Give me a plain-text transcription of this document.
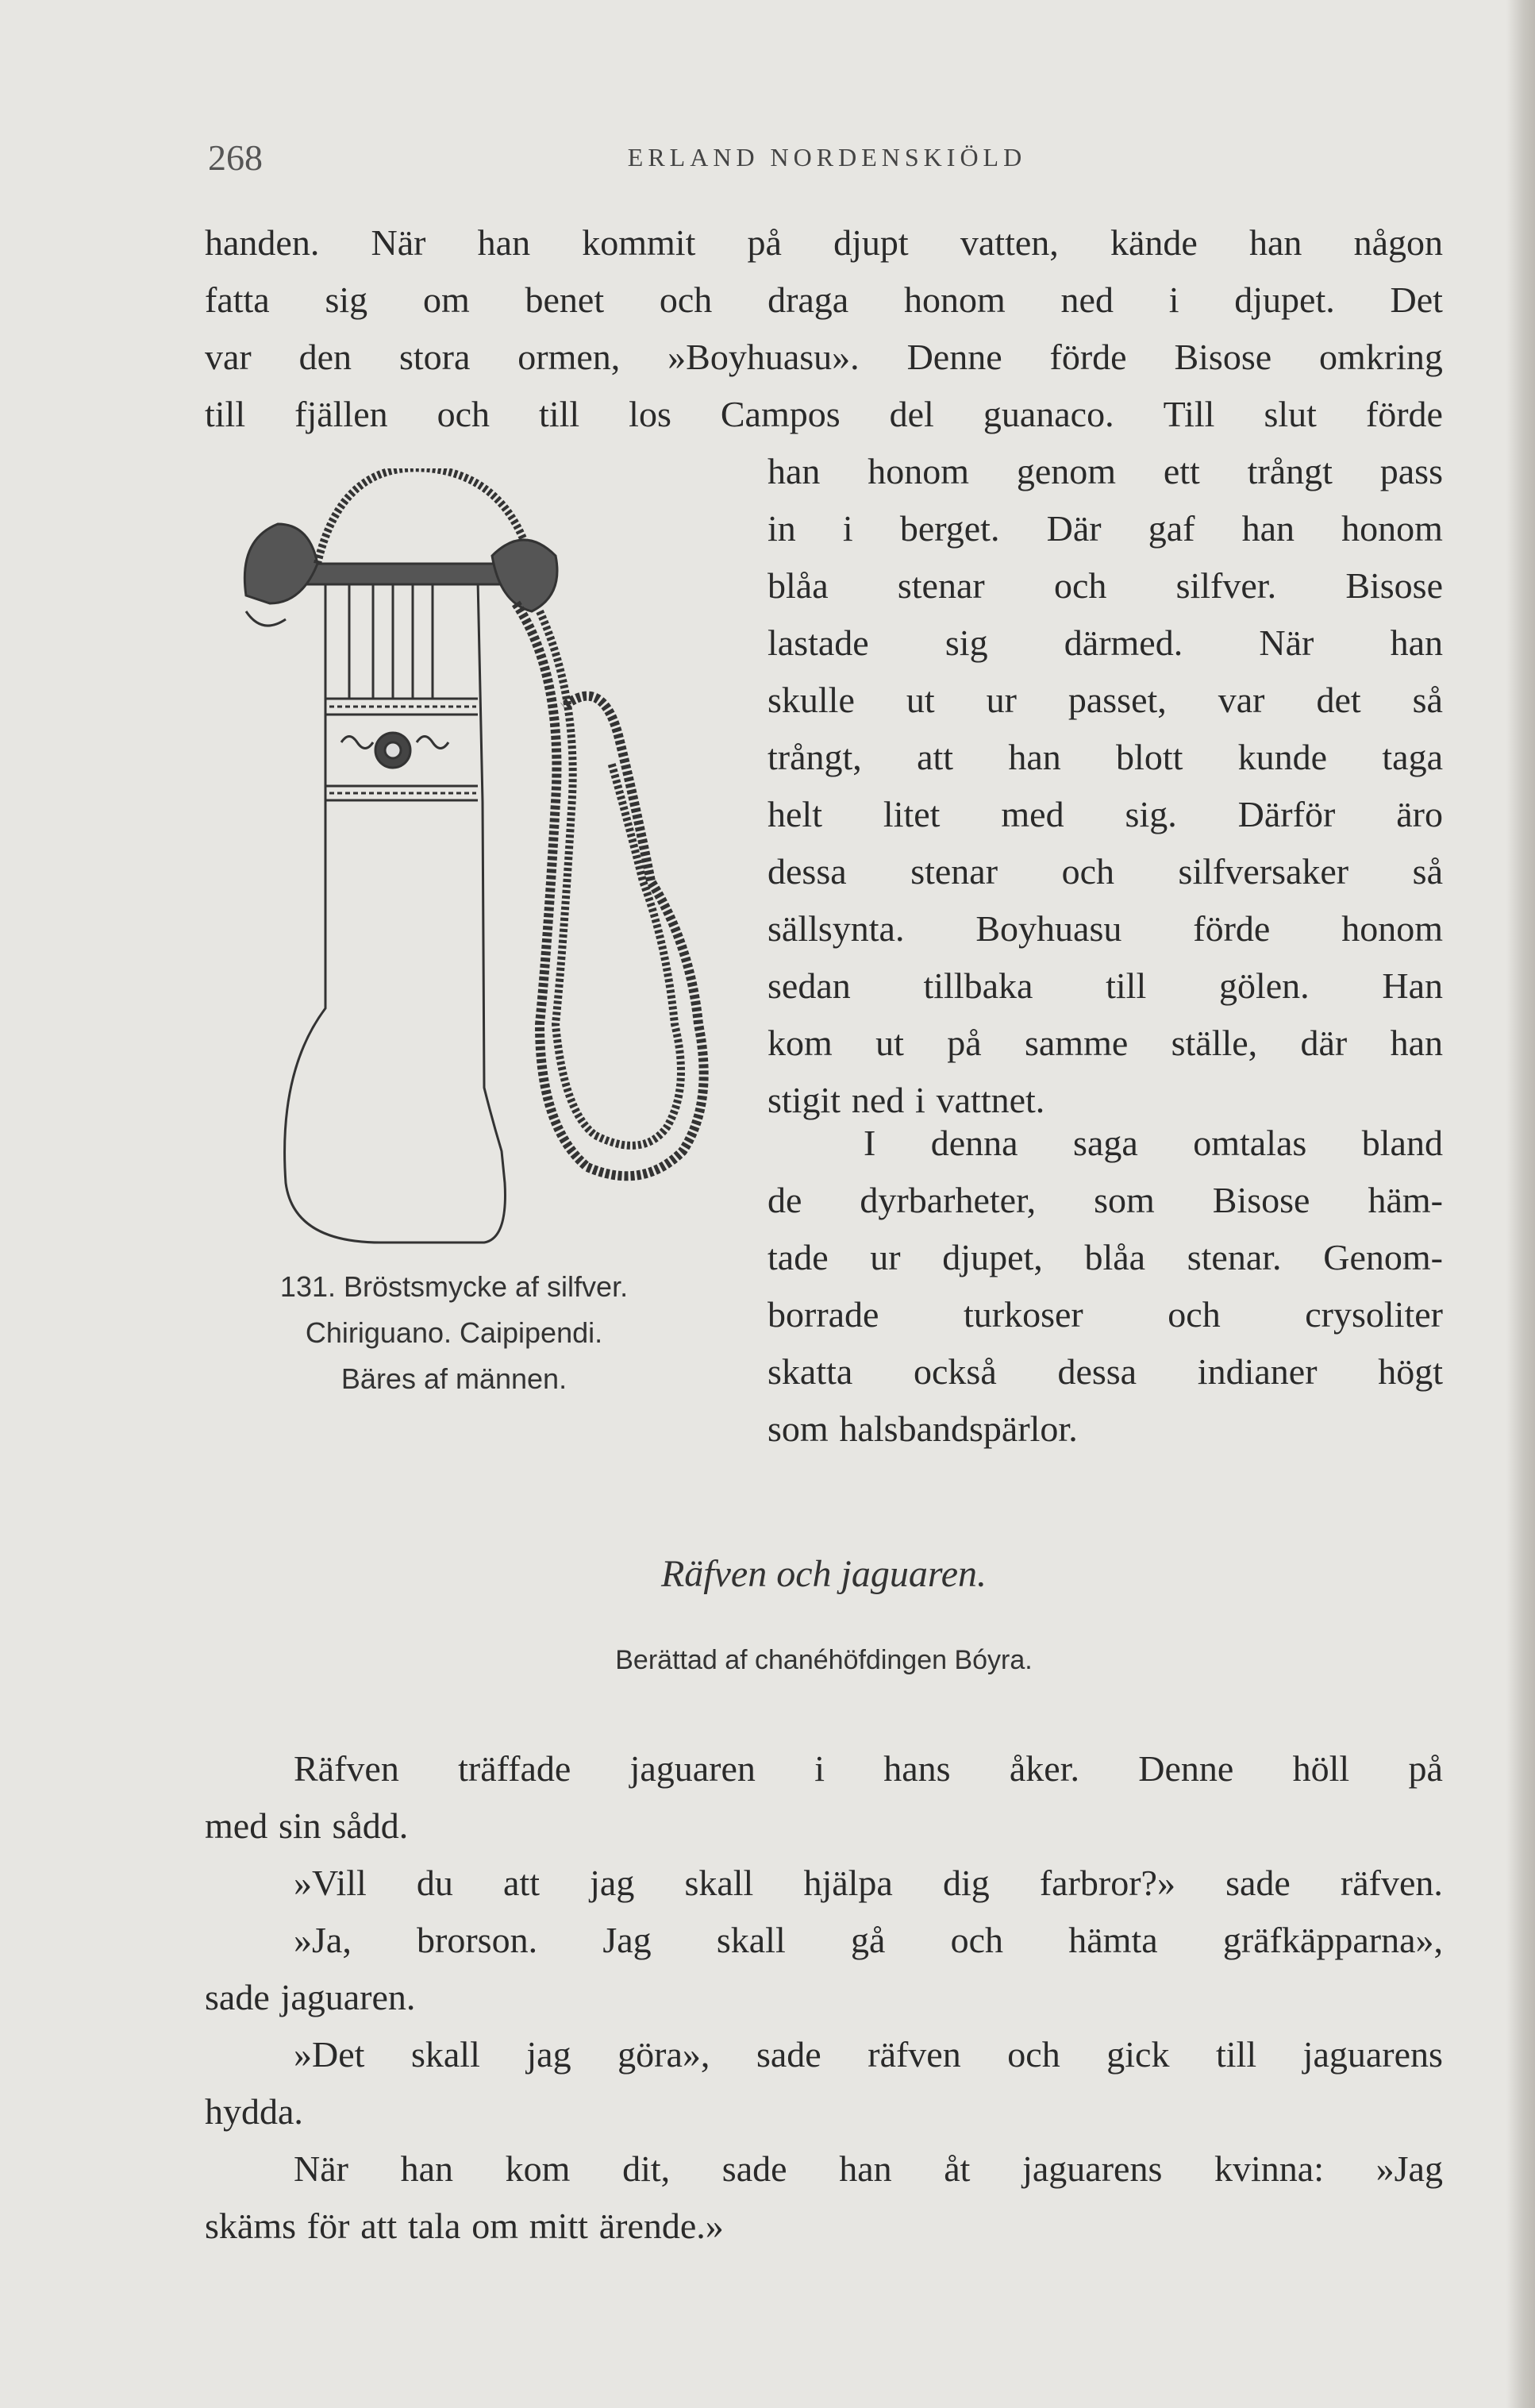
268	ERLAND NORDENSKIÖLD
handen. När han kommit på djupt vatten, kände han någon
fatta sig om benet och draga honom ned i djupet. Det
var den stora ormen, »Boyhuasu». Denne förde Bisose omkring
till fjällen och till los Campos del guanaco. Till slut förde
han honom genom ett trångt pass
in i berget. Där gaf han honom
blåa stenar och silfver. Bisose
lastade sig därmed. När han
skulle ut ur passet, var det så
trångt, att han blott kunde taga
helt litet med sig. Därför äro
dessa stenar och silfversaker så
sällsynta. Boyhuasu förde honom
sedan tillbaka till gölen. Han
kom ut på samme ställe, där han
stigit ned i vattnet.
I denna saga omtalas bland
de dyrbarheter, som Bisose häm-
tade ur djupet, blåa stenar. Genom-
borrade turkoser och crysoliter
skatta också dessa indianer högt
som halsbandspärlor.
131. Bröstsmycke af silfver.
Chiriguano. Caipipendi.
Bäres af männen.
Räfven och jaguaren.
Berättad af chanéhöfdingen Bóyra.
Räfven träffade jaguaren i hans åker. Denne höll på
med sin sådd.
»Vill du att jag skall hjälpa dig farbror?» sade räfven.
»Ja, brorson. Jag skall gå och hämta gräfkäpparna»,
sade jaguaren.
»Det skall jag göra», sade räfven och gick till jaguarens
hydda.
När han kom dit, sade han åt jaguarens kvinna: »Jag
skäms för att tala om mitt ärende.»
